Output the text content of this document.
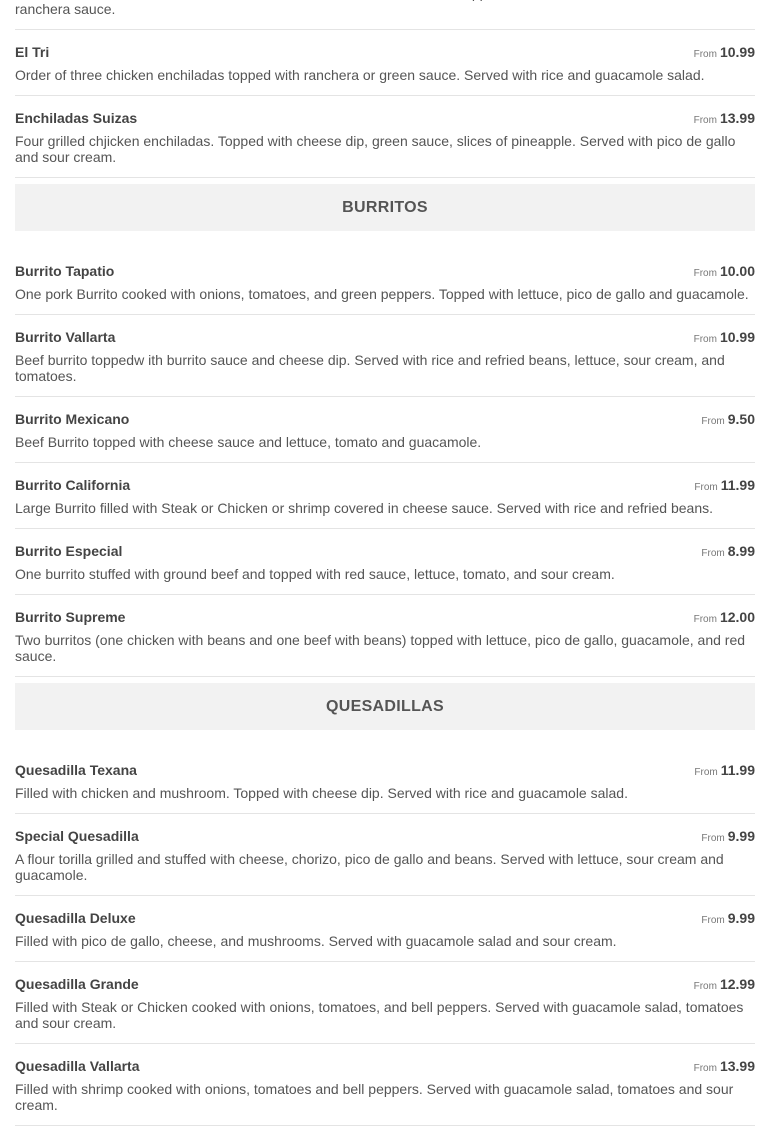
ranchera sauce.
El Tri	From 10.99
Order of three chicken enchiladas topped with ranchera or green sauce. Served with rice and guacamole salad.
Enchiladas Suizas	From 13.99
Four grilled chjicken enchiladas. Topped with cheese dip, green sauce, slices of pineapple. Served with pico de gallo and sour cream.
BURRITOS
Burrito Tapatio	From 10.00
One pork Burrito cooked with onions, tomatoes, and green peppers. Topped with lettuce, pico de gallo and guacamole.
Burrito Vallarta	From 10.99
Beef burrito toppedw ith burrito sauce and cheese dip. Served with rice and refried beans, lettuce, sour cream, and tomatoes.
Burrito Mexicano	From 9.50
Beef Burrito topped with cheese sauce and lettuce, tomato and guacamole.
Burrito California	From 11.99
Large Burrito filled with Steak or Chicken or shrimp covered in cheese sauce. Served with rice and refried beans.
Burrito Especial	From 8.99
One burrito stuffed with ground beef and topped with red sauce, lettuce, tomato, and sour cream.
Burrito Supreme	From 12.00
Two burritos (one chicken with beans and one beef with beans) topped with lettuce, pico de gallo, guacamole, and red sauce.
QUESADILLAS
Quesadilla Texana	From 11.99
Filled with chicken and mushroom. Topped with cheese dip. Served with rice and guacamole salad.
Special Quesadilla	From 9.99
A flour torilla grilled and stuffed with cheese, chorizo, pico de gallo and beans. Served with lettuce, sour cream and guacamole.
Quesadilla Deluxe	From 9.99
Filled with pico de gallo, cheese, and mushrooms. Served with guacamole salad and sour cream.
Quesadilla Grande	From 12.99
Filled with Steak or Chicken cooked with onions, tomatoes, and bell peppers. Served with guacamole salad, tomatoes and sour cream.
Quesadilla Vallarta	From 13.99
Filled with shrimp cooked with onions, tomatoes and bell peppers. Served with guacamole salad, tomatoes and sour cream.
